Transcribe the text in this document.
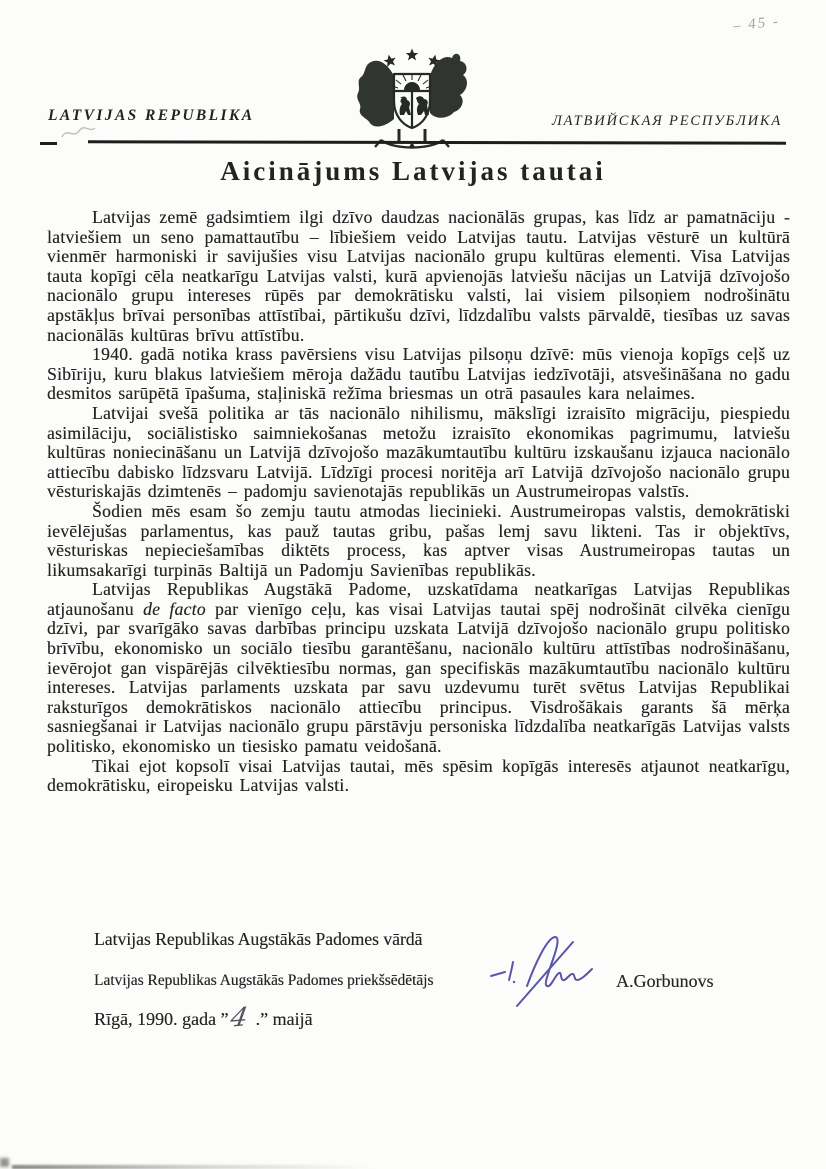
– 45 -
LATVIJAS REPUBLIKA	ЛАТВИЙСКАЯ РЕСПУБЛИКА
Aicinājums Latvijas tautai

Latvijas zemē gadsimtiem ilgi dzīvo daudzas nacionālās grupas, kas līdz ar pamatnāciju - latviešiem un seno pamattautību – lībiešiem veido Latvijas tautu. Latvijas vēsturē un kultūrā vienmēr harmoniski ir savijušies visu Latvijas nacionālo grupu kultūras elementi. Visa Latvijas tauta kopīgi cēla neatkarīgu Latvijas valsti, kurā apvienojās latviešu nācijas un Latvijā dzīvojošo nacionālo grupu intereses rūpēs par demokrātisku valsti, lai visiem pilsoņiem nodrošinātu apstākļus brīvai personības attīstībai, pārtikušu dzīvi, līdzdalību valsts pārvaldē, tiesības uz savas nacionālās kultūras brīvu attīstību.

1940. gadā notika krass pavērsiens visu Latvijas pilsoņu dzīvē: mūs vienoja kopīgs ceļš uz Sibīriju, kuru blakus latviešiem mēroja dažādu tautību Latvijas iedzīvotāji, atsvešināšana no gadu desmitos sarūpētā īpašuma, staļiniskā režīma briesmas un otrā pasaules kara nelaimes.

Latvijai svešā politika ar tās nacionālo nihilismu, mākslīgi izraisīto migrāciju, piespiedu asimilāciju, sociālistisko saimniekošanas metožu izraisīto ekonomikas pagrimumu, latviešu kultūras noniecināšanu un Latvijā dzīvojošo mazākumtautību kultūru izskaušanu izjauca nacionālo attiecību dabisko līdzsvaru Latvijā. Līdzīgi procesi noritēja arī Latvijā dzīvojošo nacionālo grupu vēsturiskajās dzimtenēs – padomju savienotajās republikās un Austrumeiropas valstīs.

Šodien mēs esam šo zemju tautu atmodas liecinieki. Austrumeiropas valstis, demokrātiski ievēlējušas parlamentus, kas pauž tautas gribu, pašas lemj savu likteni. Tas ir objektīvs, vēsturiskas nepieciešamības diktēts process, kas aptver visas Austrumeiropas tautas un likumsakarīgi turpinās Baltijā un Padomju Savienības republikās.

Latvijas Republikas Augstākā Padome, uzskatīdama neatkarīgas Latvijas Republikas atjaunošanu de facto par vienīgo ceļu, kas visai Latvijas tautai spēj nodrošināt cilvēka cienīgu dzīvi, par svarīgāko savas darbības principu uzskata Latvijā dzīvojošo nacionālo grupu politisko brīvību, ekonomisko un sociālo tiesību garantēšanu, nacionālo kultūru attīstības nodrošināšanu, ievērojot gan vispārējās cilvēktiesību normas, gan specifiskās mazākumtautību nacionālo kultūru intereses. Latvijas parlaments uzskata par savu uzdevumu turēt svētus Latvijas Republikai raksturīgos demokrātiskos nacionālo attiecību principus. Visdrošākais garants šā mērķa sasniegšanai ir Latvijas nacionālo grupu pārstāvju personiska līdzdalība neatkarīgās Latvijas valsts politisko, ekonomisko un tiesisko pamatu veidošanā.

Tikai ejot kopsolī visai Latvijas tautai, mēs spēsim kopīgās interesēs atjaunot neatkarīgu, demokrātisku, eiropeisku Latvijas valsti.

Latvijas Republikas Augstākās Padomes vārdā
Latvijas Republikas Augstākās Padomes priekšsēdētājs	A.Gorbunovs
Rīgā, 1990. gada ”4 .” maijā
